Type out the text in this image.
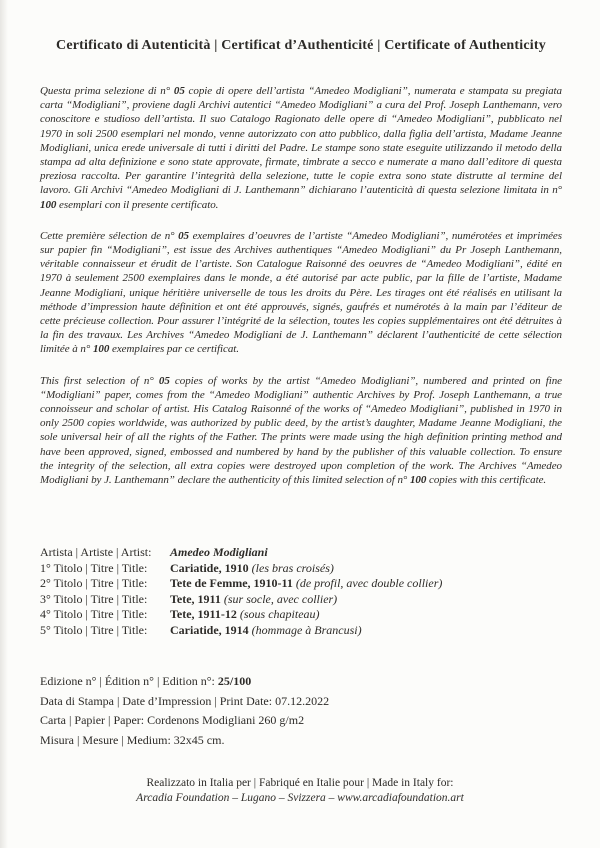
Certificato di Autenticità | Certificat d’Authenticité | Certificate of Authenticity

Questa prima selezione di n° 05 copie di opere dell’artista “Amedeo Modigliani”, numerata e stampata su pregiata carta “Modigliani”, proviene dagli Archivi autentici “Amedeo Modigliani” a cura del Prof. Joseph Lanthemann, vero conoscitore e studioso dell’artista. Il suo Catalogo Ragionato delle opere di “Amedeo Modigliani”, pubblicato nel 1970 in soli 2500 esemplari nel mondo, venne autorizzato con atto pubblico, dalla figlia dell’artista, Madame Jeanne Modigliani, unica erede universale di tutti i diritti del Padre. Le stampe sono state eseguite utilizzando il metodo della stampa ad alta definizione e sono state approvate, firmate, timbrate a secco e numerate a mano dall’editore di questa preziosa raccolta. Per garantire l’integrità della selezione, tutte le copie extra sono state distrutte al termine del lavoro. Gli Archivi “Amedeo Modigliani di J. Lanthemann” dichiarano l’autenticità di questa selezione limitata in n° 100 esemplari con il presente certificato.

Cette première sélection de n° 05 exemplaires d’oeuvres de l’artiste “Amedeo Modigliani”, numérotées et imprimées sur papier fin “Modigliani”, est issue des Archives authentiques “Amedeo Modigliani” du Pr Joseph Lanthemann, véritable connaisseur et érudit de l’artiste. Son Catalogue Raisonné des oeuvres de “Amedeo Modigliani”, édité en 1970 à seulement 2500 exemplaires dans le monde, a été autorisé par acte public, par la fille de l’artiste, Madame Jeanne Modigliani, unique héritière universelle de tous les droits du Père. Les tirages ont été réalisés en utilisant la méthode d’impression haute définition et ont été approuvés, signés, gaufrés et numérotés à la main par l’éditeur de cette précieuse collection. Pour assurer l’intégrité de la sélection, toutes les copies supplémentaires ont été détruites à la fin des travaux. Les Archives “Amedeo Modigliani de J. Lanthemann” déclarent l’authenticité de cette sélection limitée à n° 100 exemplaires par ce certificat.

This first selection of n° 05 copies of works by the artist “Amedeo Modigliani”, numbered and printed on fine “Modigliani” paper, comes from the “Amedeo Modigliani” authentic Archives by Prof. Joseph Lanthemann, a true connoisseur and scholar of artist. His Catalog Raisonné of the works of “Amedeo Modigliani”, published in 1970 in only 2500 copies worldwide, was authorized by public deed, by the artist’s daughter, Madame Jeanne Modigliani, the sole universal heir of all the rights of the Father. The prints were made using the high definition printing method and have been approved, signed, embossed and numbered by hand by the publisher of this valuable collection. To ensure the integrity of the selection, all extra copies were destroyed upon completion of the work. The Archives “Amedeo Modigliani by J. Lanthemann” declare the authenticity of this limited selection of n° 100 copies with this certificate.

Artista | Artiste | Artist:	Amedeo Modigliani
1° Titolo | Titre | Title:	Cariatide, 1910 (les bras croisés)
2° Titolo | Titre | Title:	Tete de Femme, 1910-11 (de profil, avec double collier)
3° Titolo | Titre | Title:	Tete, 1911 (sur socle, avec collier)
4° Titolo | Titre | Title:	Tete, 1911-12 (sous chapiteau)
5° Titolo | Titre | Title:	Cariatide, 1914 (hommage à Brancusi)
Edizione n° | Édition n° | Edition n°: 25/100
Data di Stampa | Date d’Impression | Print Date: 07.12.2022
Carta | Papier | Paper: Cordenons Modigliani 260 g/m2
Misura | Mesure | Medium: 32x45 cm.
Realizzato in Italia per | Fabriqué en Italie pour | Made in Italy for:
Arcadia Foundation – Lugano – Svizzera – www.arcadiafoundation.art
